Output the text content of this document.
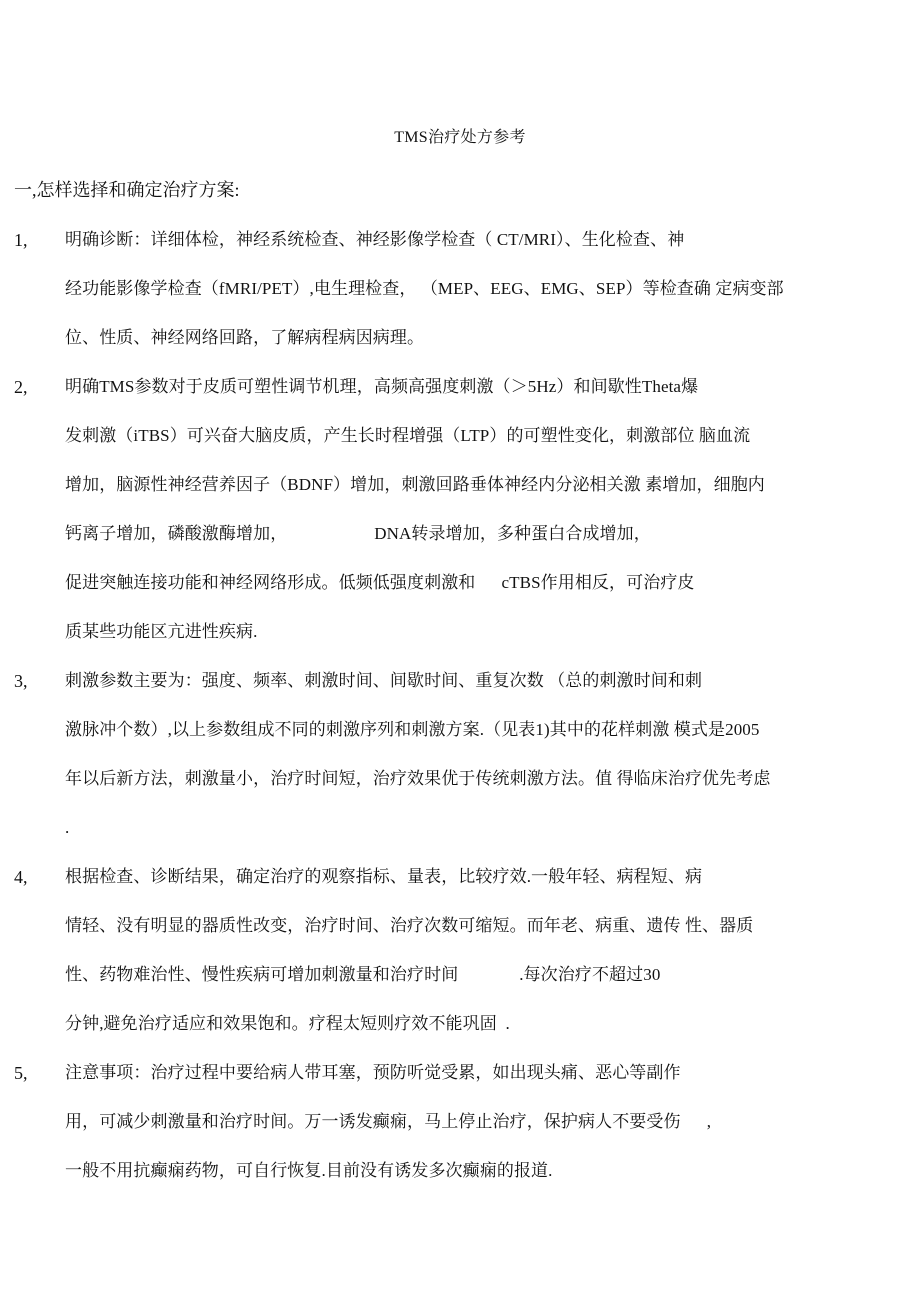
TMS治疗处方参考
一,怎样选择和确定治疗方案:
1, 明确诊断：详细体检，神经系统检查、神经影像学检查（ CT/MRI）、生化检查、神
经功能影像学检查（fMRI/PET）,电生理检查， （MEP、EEG、EMG、SEP）等检查确 定病变部
位、性质、神经网络回路，了解病程病因病理。
2, 明确TMS参数对于皮质可塑性调节机理，高频高强度刺激（＞5Hz）和间歇性Theta爆
发刺激（iTBS）可兴奋大脑皮质，产生长时程增强（LTP）的可塑性变化，刺激部位 脑血流
增加，脑源性神经营养因子（BDNF）增加，刺激回路垂体神经内分泌相关激 素增加，细胞内
钙离子增加，磷酸激酶增加，                    DNA转录增加，多种蛋白合成增加，
促进突触连接功能和神经网络形成。低频低强度刺激和      cTBS作用相反，可治疗皮
质某些功能区亢进性疾病.
3, 刺激参数主要为：强度、频率、刺激时间、间歇时间、重复次数 （总的刺激时间和刺
激脉冲个数）,以上参数组成不同的刺激序列和刺激方案.（见表1)其中的花样刺激 模式是2005
年以后新方法，刺激量小，治疗时间短，治疗效果优于传统刺激方法。值 得临床治疗优先考虑
.
4, 根据检查、诊断结果，确定治疗的观察指标、量表，比较疗效.一般年轻、病程短、病
情轻、没有明显的器质性改变，治疗时间、治疗次数可缩短。而年老、病重、遗传 性、器质
性、药物难治性、慢性疾病可增加刺激量和治疗时间              .每次治疗不超过30
分钟,避免治疗适应和效果饱和。疗程太短则疗效不能巩固  .
5, 注意事项：治疗过程中要给病人带耳塞，预防听觉受累，如出现头痛、恶心等副作
用，可减少刺激量和治疗时间。万一诱发癫痫，马上停止治疗，保护病人不要受伤      ,
一般不用抗癫痫药物，可自行恢复.目前没有诱发多次癫痫的报道.
